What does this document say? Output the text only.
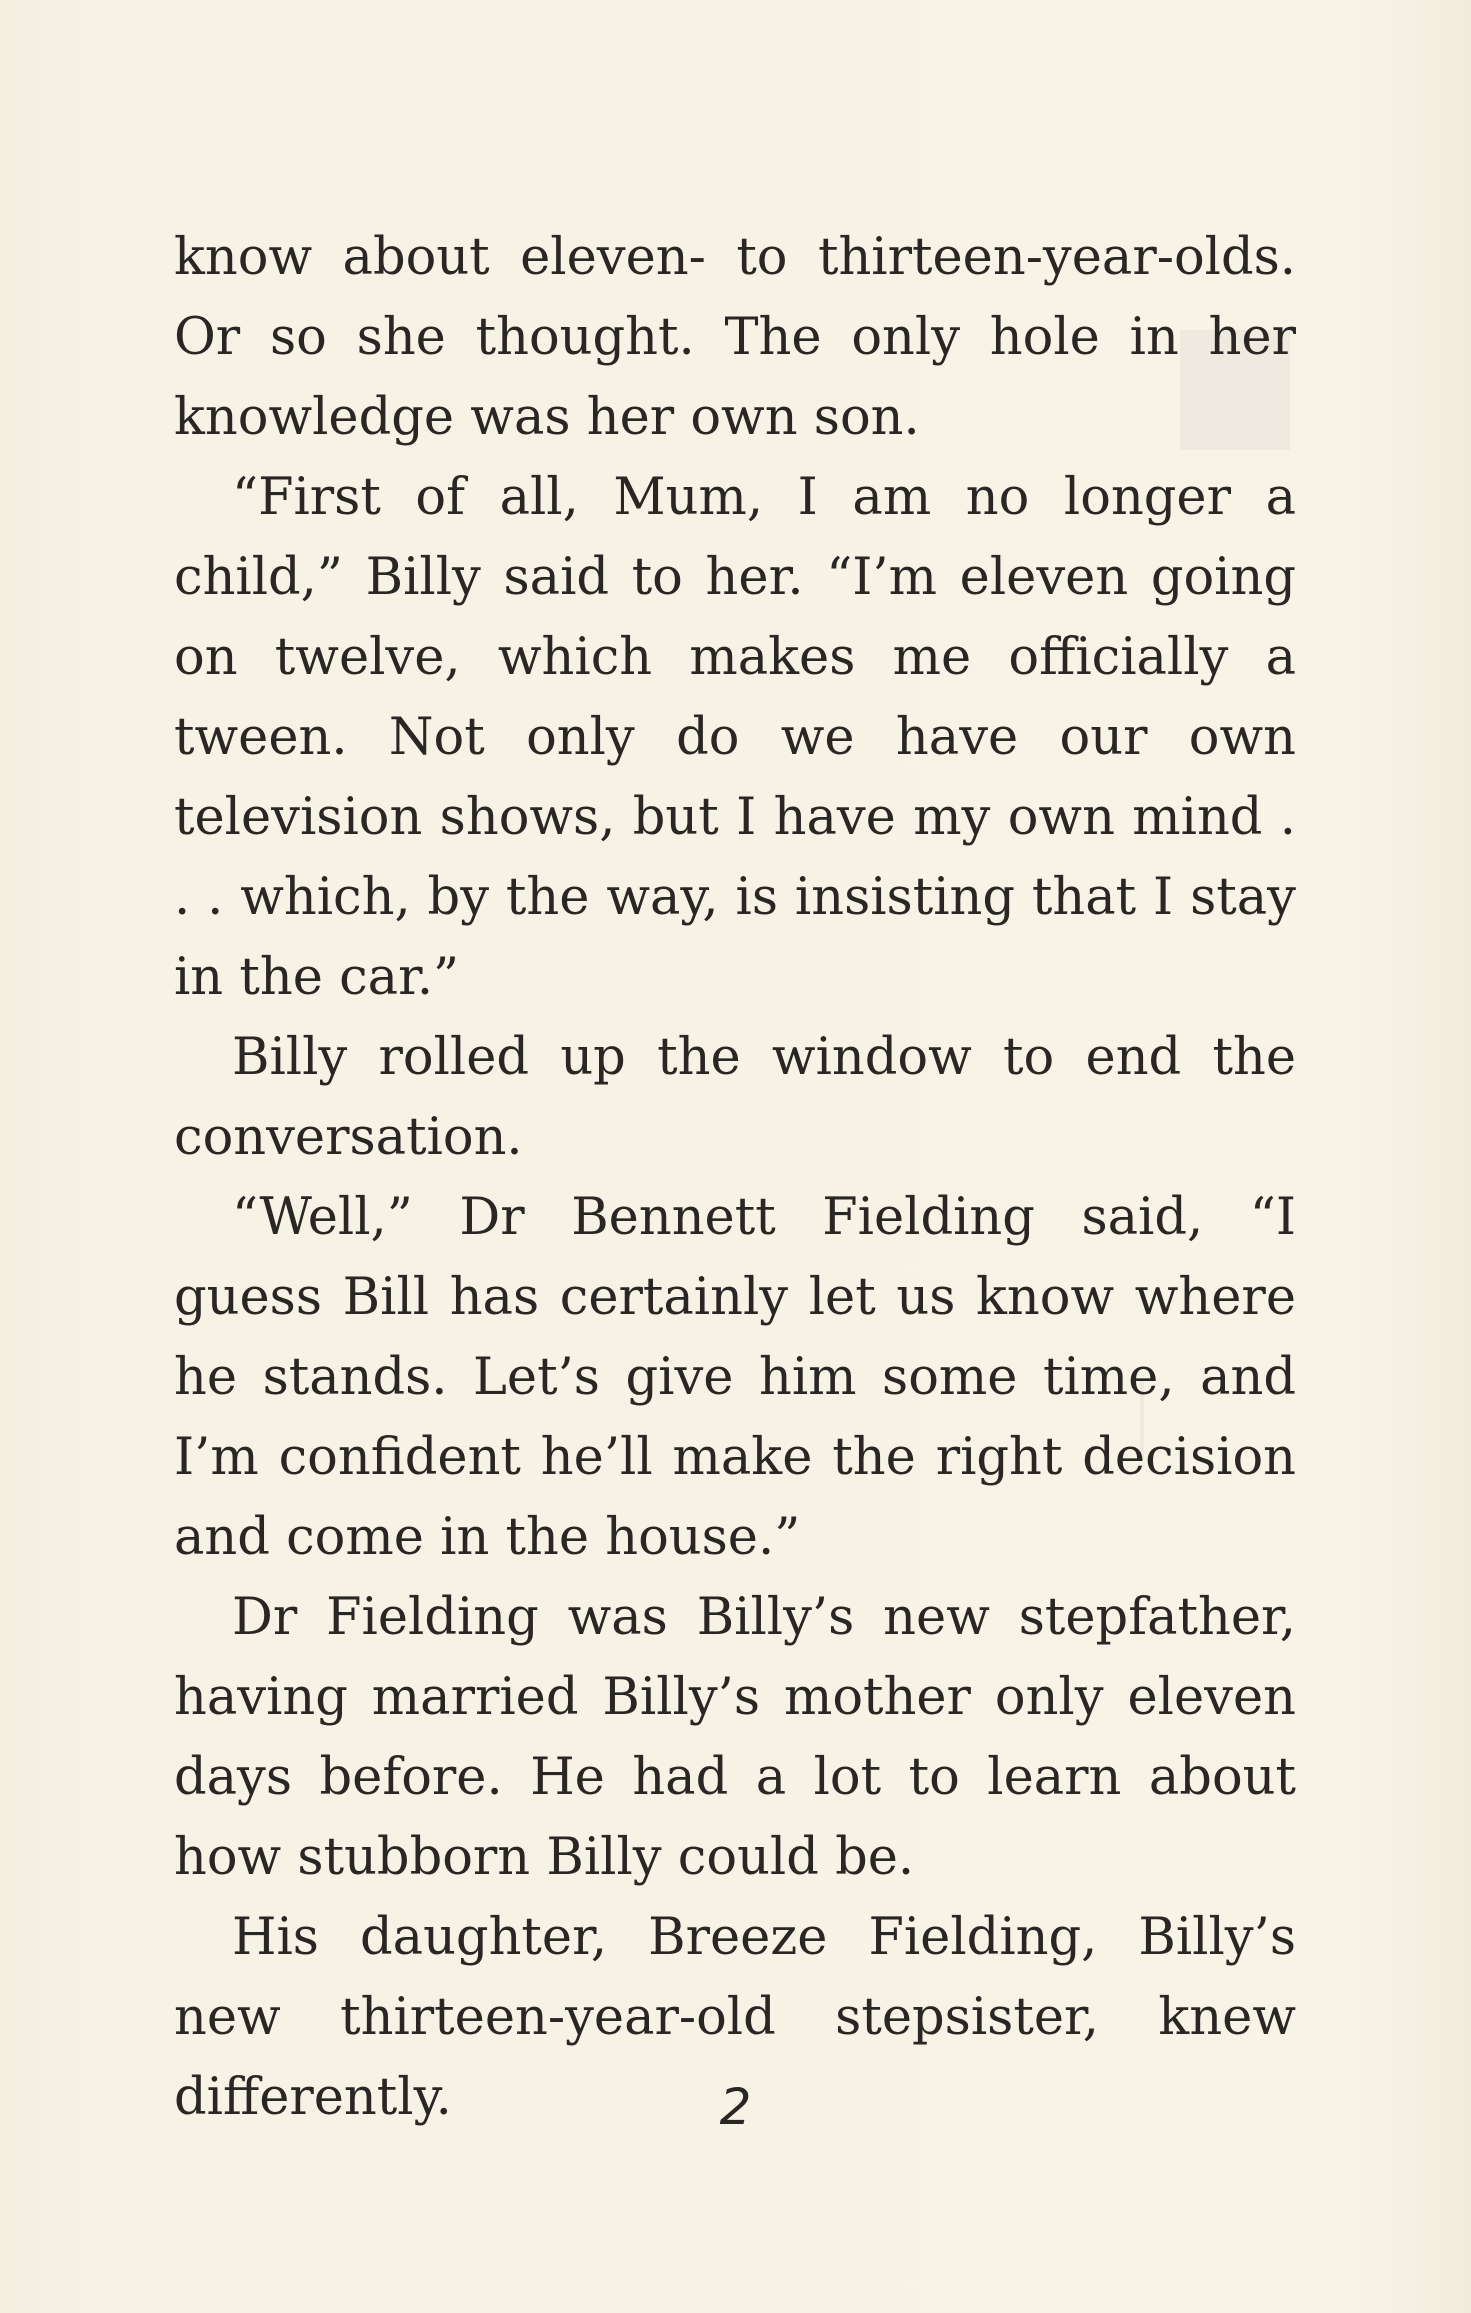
know about eleven- to thirteen-year-olds. Or so she thought. The only hole in her knowledge was her own son.

“First of all, Mum, I am no longer a child,” Billy said to her. “I’m eleven going on twelve, which makes me officially a tween. Not only do we have our own television shows, but I have my own mind . . . which, by the way, is insisting that I stay in the car.”

Billy rolled up the window to end the conversation.

“Well,” Dr Bennett Fielding said, “I guess Bill has certainly let us know where he stands. Let’s give him some time, and I’m confident he’ll make the right decision and come in the house.”

Dr Fielding was Billy’s new stepfather, having married Billy’s mother only eleven days before. He had a lot to learn about how stubborn Billy could be.

His daughter, Breeze Fielding, Billy’s new thirteen-year-old stepsister, knew differently.	2
